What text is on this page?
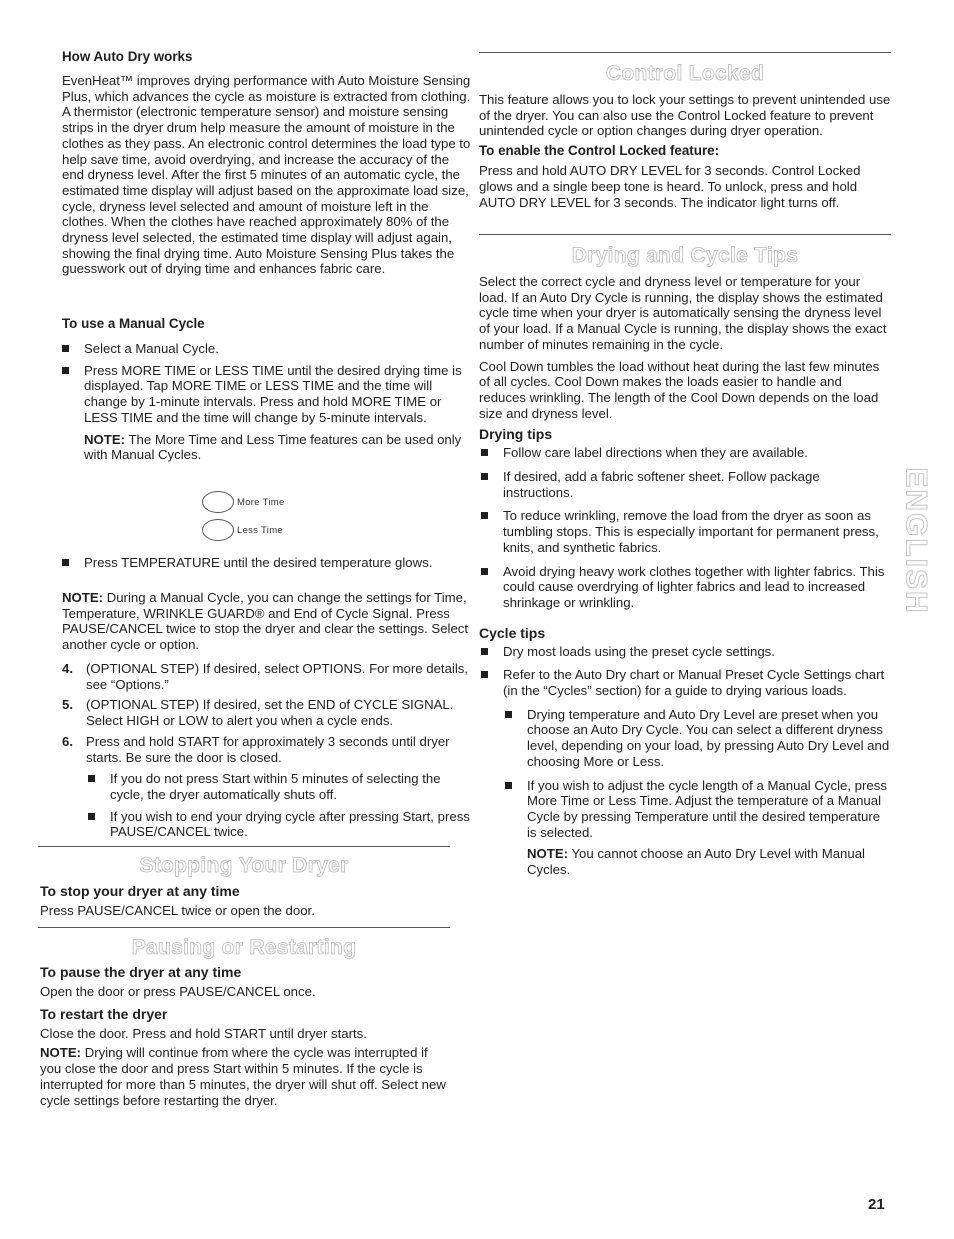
How Auto Dry works

EvenHeat™ improves drying performance with Auto Moisture Sensing Plus, which advances the cycle as moisture is extracted from clothing. A thermistor (electronic temperature sensor) and moisture sensing strips in the dryer drum help measure the amount of moisture in the clothes as they pass. An electronic control determines the load type to help save time, avoid overdrying, and increase the accuracy of the end dryness level. After the first 5 minutes of an automatic cycle, the estimated time display will adjust based on the approximate load size, cycle, dryness level selected and amount of moisture left in the clothes. When the clothes have reached approximately 80% of the dryness level selected, the estimated time display will adjust again, showing the final drying time. Auto Moisture Sensing Plus takes the guesswork out of drying time and enhances fabric care.

To use a Manual Cycle
Select a Manual Cycle.
Press MORE TIME or LESS TIME until the desired drying time is displayed. Tap MORE TIME or LESS TIME and the time will change by 1-minute intervals. Press and hold MORE TIME or LESS TIME and the time will change by 5-minute intervals.

NOTE: The More Time and Less Time features can be used only with Manual Cycles.

More Time
Less Time
Press TEMPERATURE until the desired temperature glows.

NOTE: During a Manual Cycle, you can change the settings for Time, Temperature, WRINKLE GUARD® and End of Cycle Signal. Press PAUSE/CANCEL twice to stop the dryer and clear the settings. Select another cycle or option.

4. (OPTIONAL STEP) If desired, select OPTIONS. For more details, see “Options.”
5. (OPTIONAL STEP) If desired, set the END of CYCLE SIGNAL. Select HIGH or LOW to alert you when a cycle ends.
6. Press and hold START for approximately 3 seconds until dryer starts. Be sure the door is closed.
If you do not press Start within 5 minutes of selecting the cycle, the dryer automatically shuts off.
If you wish to end your drying cycle after pressing Start, press PAUSE/CANCEL twice.
Stopping Your Dryer
To stop your dryer at any time

Press PAUSE/CANCEL twice or open the door.

Pausing or Restarting
To pause the dryer at any time

Open the door or press PAUSE/CANCEL once.

To restart the dryer

Close the door. Press and hold START until dryer starts.

NOTE: Drying will continue from where the cycle was interrupted if you close the door and press Start within 5 minutes. If the cycle is interrupted for more than 5 minutes, the dryer will shut off. Select new cycle settings before restarting the dryer.

Control Locked

This feature allows you to lock your settings to prevent unintended use of the dryer. You can also use the Control Locked feature to prevent unintended cycle or option changes during dryer operation.

To enable the Control Locked feature:

Press and hold AUTO DRY LEVEL for 3 seconds. Control Locked glows and a single beep tone is heard. To unlock, press and hold AUTO DRY LEVEL for 3 seconds. The indicator light turns off.

Drying and Cycle Tips

Select the correct cycle and dryness level or temperature for your load. If an Auto Dry Cycle is running, the display shows the estimated cycle time when your dryer is automatically sensing the dryness level of your load. If a Manual Cycle is running, the display shows the exact number of minutes remaining in the cycle.

Cool Down tumbles the load without heat during the last few minutes of all cycles. Cool Down makes the loads easier to handle and reduces wrinkling. The length of the Cool Down depends on the load size and dryness level.

Drying tips
Follow care label directions when they are available.
If desired, add a fabric softener sheet. Follow package instructions.
To reduce wrinkling, remove the load from the dryer as soon as tumbling stops. This is especially important for permanent press, knits, and synthetic fabrics.
Avoid drying heavy work clothes together with lighter fabrics. This could cause overdrying of lighter fabrics and lead to increased shrinkage or wrinkling.
Cycle tips
Dry most loads using the preset cycle settings.
Refer to the Auto Dry chart or Manual Preset Cycle Settings chart (in the “Cycles” section) for a guide to drying various loads.
Drying temperature and Auto Dry Level are preset when you choose an Auto Dry Cycle. You can select a different dryness level, depending on your load, by pressing Auto Dry Level and choosing More or Less.
If you wish to adjust the cycle length of a Manual Cycle, press More Time or Less Time. Adjust the temperature of a Manual Cycle by pressing Temperature until the desired temperature is selected.

NOTE: You cannot choose an Auto Dry Level with Manual Cycles.

ENGLISH
21
